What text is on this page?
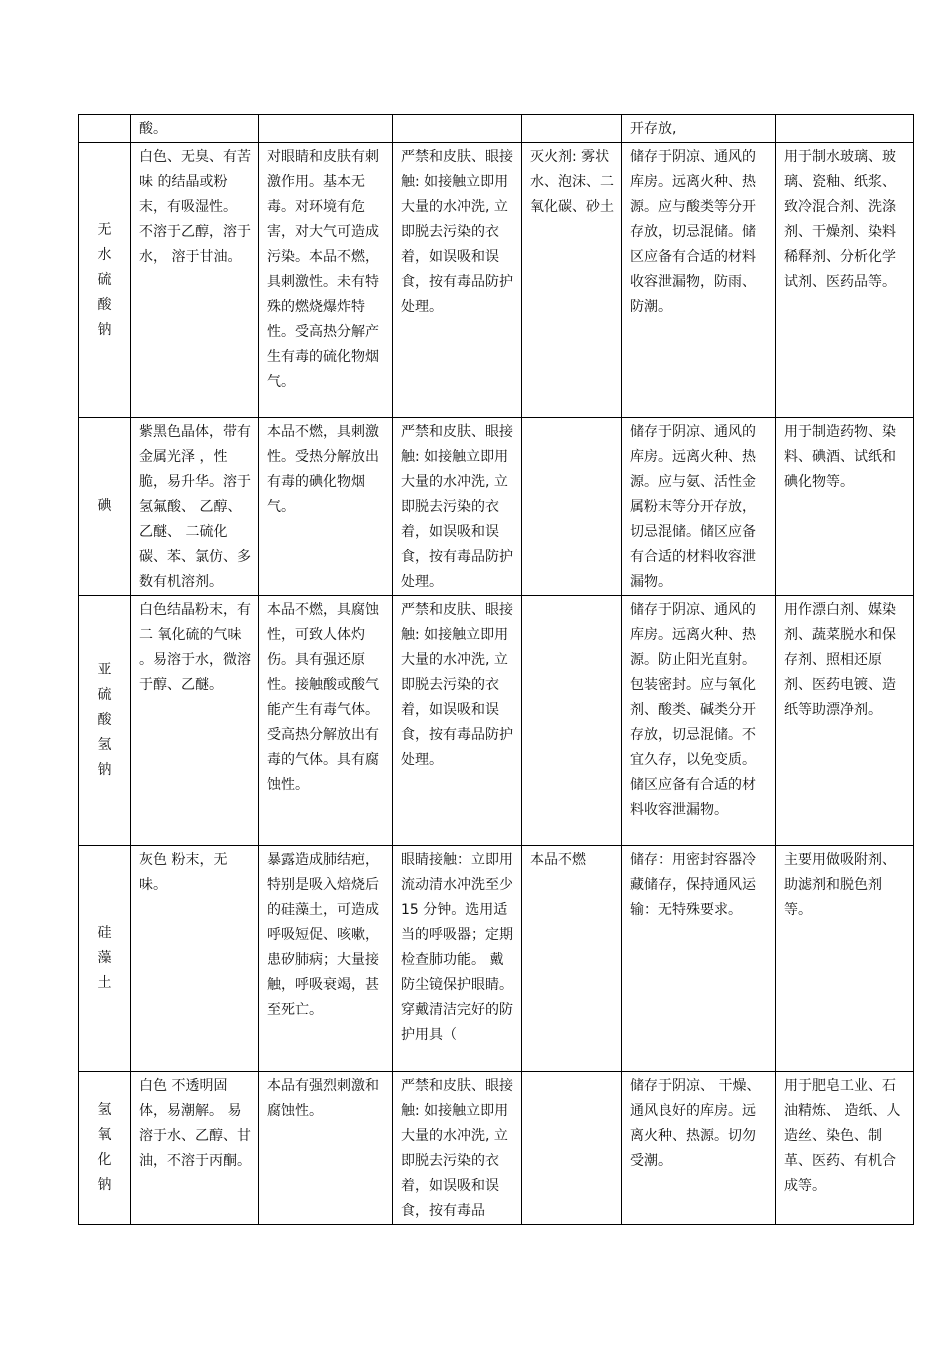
	酸。				开存放,	
无水硫酸钠	白色、无臭、有苦味 的结晶或粉末，有吸湿性。 不溶于乙醇，溶于水， 溶于甘油。	对眼睛和皮肤有刺激作用。基本无毒。对环境有危害，对大气可造成污染。本品不燃，具刺激性。未有特殊的燃烧爆炸特性。受高热分解产生有毒的硫化物烟气。	严禁和皮肤、眼接触: 如接触立即用大量的水冲洗, 立即脱去污染的衣着，如误吸和误食，按有毒品防护处理。	灭火剂: 雾状水、泡沫、二氧化碳、砂土	储存于阴凉、通风的库房。远离火种、热源。应与酸类等分开存放，切忌混储。储区应备有合适的材料收容泄漏物，防雨、防潮。	用于制水玻璃、玻璃、瓷釉、纸浆、致冷混合剂、洗涤剂、干燥剂、染料稀释剂、分析化学试剂、医药品等。
碘	紫黑色晶体，带有金属光泽 ，性脆，易升华。溶于氢氟酸、 乙醇、乙醚、 二硫化碳、苯、氯仿、多数有机溶剂。	本品不燃，具刺激性。受热分解放出有毒的碘化物烟气。	严禁和皮肤、眼接触: 如接触立即用大量的水冲洗, 立即脱去污染的衣着，如误吸和误食，按有毒品防护处理。		储存于阴凉、通风的库房。远离火种、热源。应与氨、活性金属粉末等分开存放，切忌混储。储区应备有合适的材料收容泄漏物。	用于制造药物、染料、碘酒、试纸和碘化物等。
亚硫酸氢钠	白色结晶粉末，有二 氧化硫的气味 。易溶于水，微溶于醇、乙醚。	本品不燃，具腐蚀性，可致人体灼伤。具有强还原性。接触酸或酸气能产生有毒气体。受高热分解放出有毒的气体。具有腐蚀性。	严禁和皮肤、眼接触: 如接触立即用大量的水冲洗, 立即脱去污染的衣着，如误吸和误食，按有毒品防护处理。		储存于阴凉、通风的库房。远离火种、热源。防止阳光直射。包装密封。应与氧化剂、酸类、碱类分开存放，切忌混储。不宜久存，以免变质。储区应备有合适的材料收容泄漏物。	用作漂白剂、媒染剂、蔬菜脱水和保存剂、照相还原剂、医药电镀、造纸等助漂净剂。
硅藻土	灰色 粉末，无味。	暴露造成肺结疤，特别是吸入焙烧后的硅藻土，可造成呼吸短促、咳嗽，患矽肺病；大量接触，呼吸衰竭，甚至死亡。	眼睛接触：立即用流动清水冲洗至少 15 分钟。选用适当的呼吸器；定期检查肺功能。 戴防尘镜保护眼睛。穿戴清洁完好的防护用具（	本品不燃	储存：用密封容器冷藏储存，保持通风运输：无特殊要求。	主要用做吸附剂、助滤剂和脱色剂等。
氢氧化钠	白色 不透明固体，易潮解。 易溶于水、乙醇、甘油，不溶于丙酮。	本品有强烈刺激和腐蚀性。	严禁和皮肤、眼接触: 如接触立即用大量的水冲洗, 立即脱去污染的衣着，如误吸和误食，按有毒品		储存于阴凉、 干燥、通风良好的库房。远离火种、热源。切勿受潮。	用于肥皂工业、石油精炼、 造纸、人造丝、染色、制革、医药、有机合成等。
